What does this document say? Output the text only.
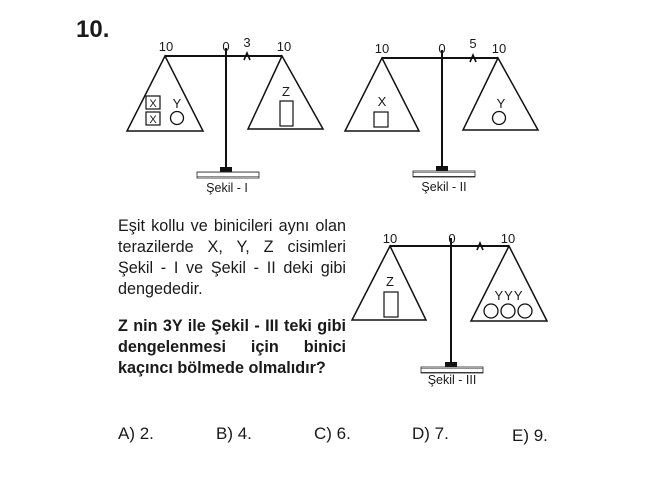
10.
10	0 3 10
X
X
Y
Z
Şekil - I
10	0 5 10
X	Y
Şekil - II
10	0	10
Z
YYY
Şekil - III
Eşit kollu ve binicileri aynı olan terazilerde X, Y, Z cisimleri Şekil - I ve Şekil - II deki gibi dengededir.
Z nin 3Y ile Şekil - III teki gibi dengelenmesi için binici kaçıncı bölmede olmalıdır?
A) 2.	B) 4.	C) 6.	D) 7.	E) 9.
